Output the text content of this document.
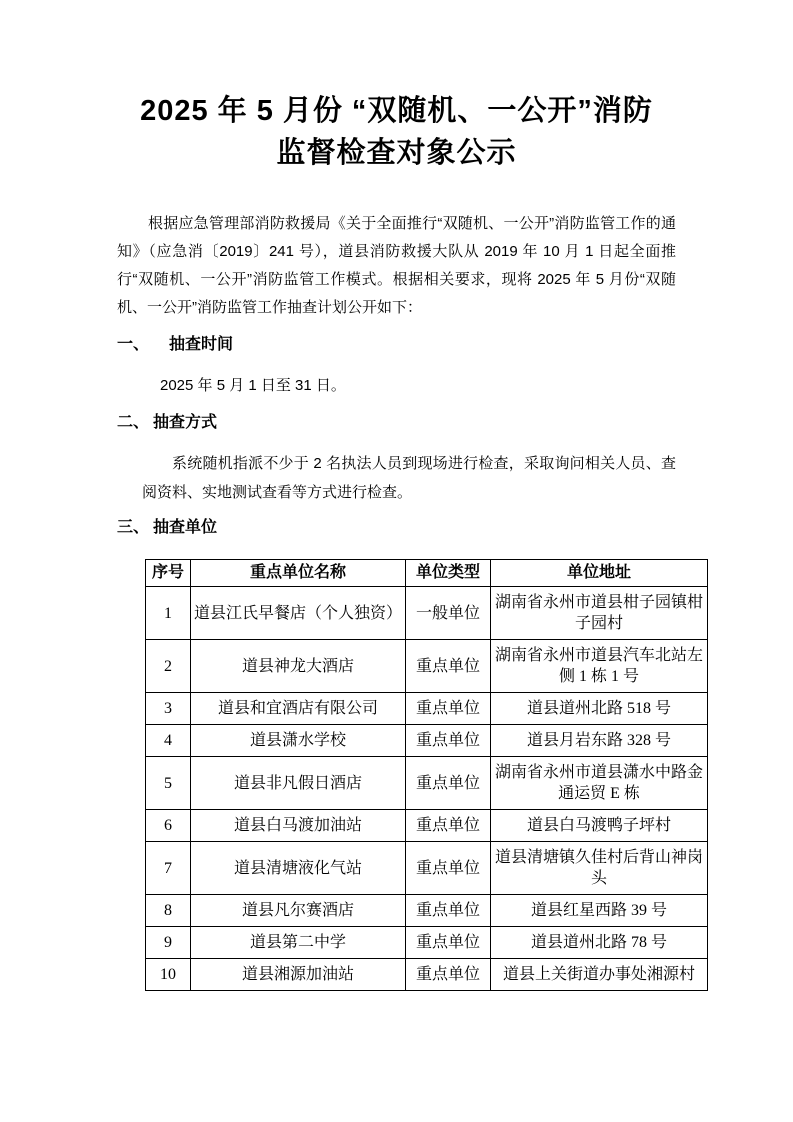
2025 年 5 月份 “双随机、一公开”消防
监督检查对象公示

根据应急管理部消防救援局《关于全面推行“双随机、一公开”消防监管工作的通知》（应急消〔2019〕241 号），道县消防救援大队从 2019 年 10 月 1 日起全面推行“双随机、一公开”消防监管工作模式。根据相关要求，现将 2025 年 5 月份“双随机、一公开”消防监管工作抽查计划公开如下：

一、 抽查时间

2025 年 5 月 1 日至 31 日。

二、 抽查方式

系统随机指派不少于 2 名执法人员到现场进行检查，采取询问相关人员、查阅资料、实地测试查看等方式进行检查。

三、 抽查单位

序号	重点单位名称	单位类型	单位地址
1	道县江氏早餐店（个人独资）	一般单位	湖南省永州市道县柑子园镇柑子园村
2	道县神龙大酒店	重点单位	湖南省永州市道县汽车北站左侧 1 栋 1 号
3	道县和宜酒店有限公司	重点单位	道县道州北路 518 号
4	道县潇水学校	重点单位	道县月岩东路 328 号
5	道县非凡假日酒店	重点单位	湖南省永州市道县潇水中路金通运贸 E 栋
6	道县白马渡加油站	重点单位	道县白马渡鸭子坪村
7	道县清塘液化气站	重点单位	道县清塘镇久佳村后背山神岗头
8	道县凡尔赛酒店	重点单位	道县红星西路 39 号
9	道县第二中学	重点单位	道县道州北路 78 号
10	道县湘源加油站	重点单位	道县上关街道办事处湘源村
